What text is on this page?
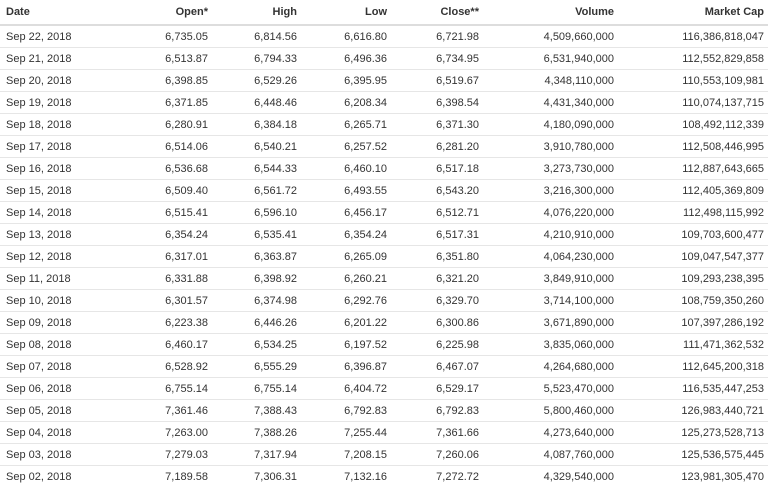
Date	Open*	High	Low	Close**	Volume	Market Cap
Sep 22, 2018	6,735.05	6,814.56	6,616.80	6,721.98	4,509,660,000	116,386,818,047
Sep 21, 2018	6,513.87	6,794.33	6,496.36	6,734.95	6,531,940,000	112,552,829,858
Sep 20, 2018	6,398.85	6,529.26	6,395.95	6,519.67	4,348,110,000	110,553,109,981
Sep 19, 2018	6,371.85	6,448.46	6,208.34	6,398.54	4,431,340,000	110,074,137,715
Sep 18, 2018	6,280.91	6,384.18	6,265.71	6,371.30	4,180,090,000	108,492,112,339
Sep 17, 2018	6,514.06	6,540.21	6,257.52	6,281.20	3,910,780,000	112,508,446,995
Sep 16, 2018	6,536.68	6,544.33	6,460.10	6,517.18	3,273,730,000	112,887,643,665
Sep 15, 2018	6,509.40	6,561.72	6,493.55	6,543.20	3,216,300,000	112,405,369,809
Sep 14, 2018	6,515.41	6,596.10	6,456.17	6,512.71	4,076,220,000	112,498,115,992
Sep 13, 2018	6,354.24	6,535.41	6,354.24	6,517.31	4,210,910,000	109,703,600,477
Sep 12, 2018	6,317.01	6,363.87	6,265.09	6,351.80	4,064,230,000	109,047,547,377
Sep 11, 2018	6,331.88	6,398.92	6,260.21	6,321.20	3,849,910,000	109,293,238,395
Sep 10, 2018	6,301.57	6,374.98	6,292.76	6,329.70	3,714,100,000	108,759,350,260
Sep 09, 2018	6,223.38	6,446.26	6,201.22	6,300.86	3,671,890,000	107,397,286,192
Sep 08, 2018	6,460.17	6,534.25	6,197.52	6,225.98	3,835,060,000	111,471,362,532
Sep 07, 2018	6,528.92	6,555.29	6,396.87	6,467.07	4,264,680,000	112,645,200,318
Sep 06, 2018	6,755.14	6,755.14	6,404.72	6,529.17	5,523,470,000	116,535,447,253
Sep 05, 2018	7,361.46	7,388.43	6,792.83	6,792.83	5,800,460,000	126,983,440,721
Sep 04, 2018	7,263.00	7,388.26	7,255.44	7,361.66	4,273,640,000	125,273,528,713
Sep 03, 2018	7,279.03	7,317.94	7,208.15	7,260.06	4,087,760,000	125,536,575,445
Sep 02, 2018	7,189.58	7,306.31	7,132.16	7,272.72	4,329,540,000	123,981,305,470
